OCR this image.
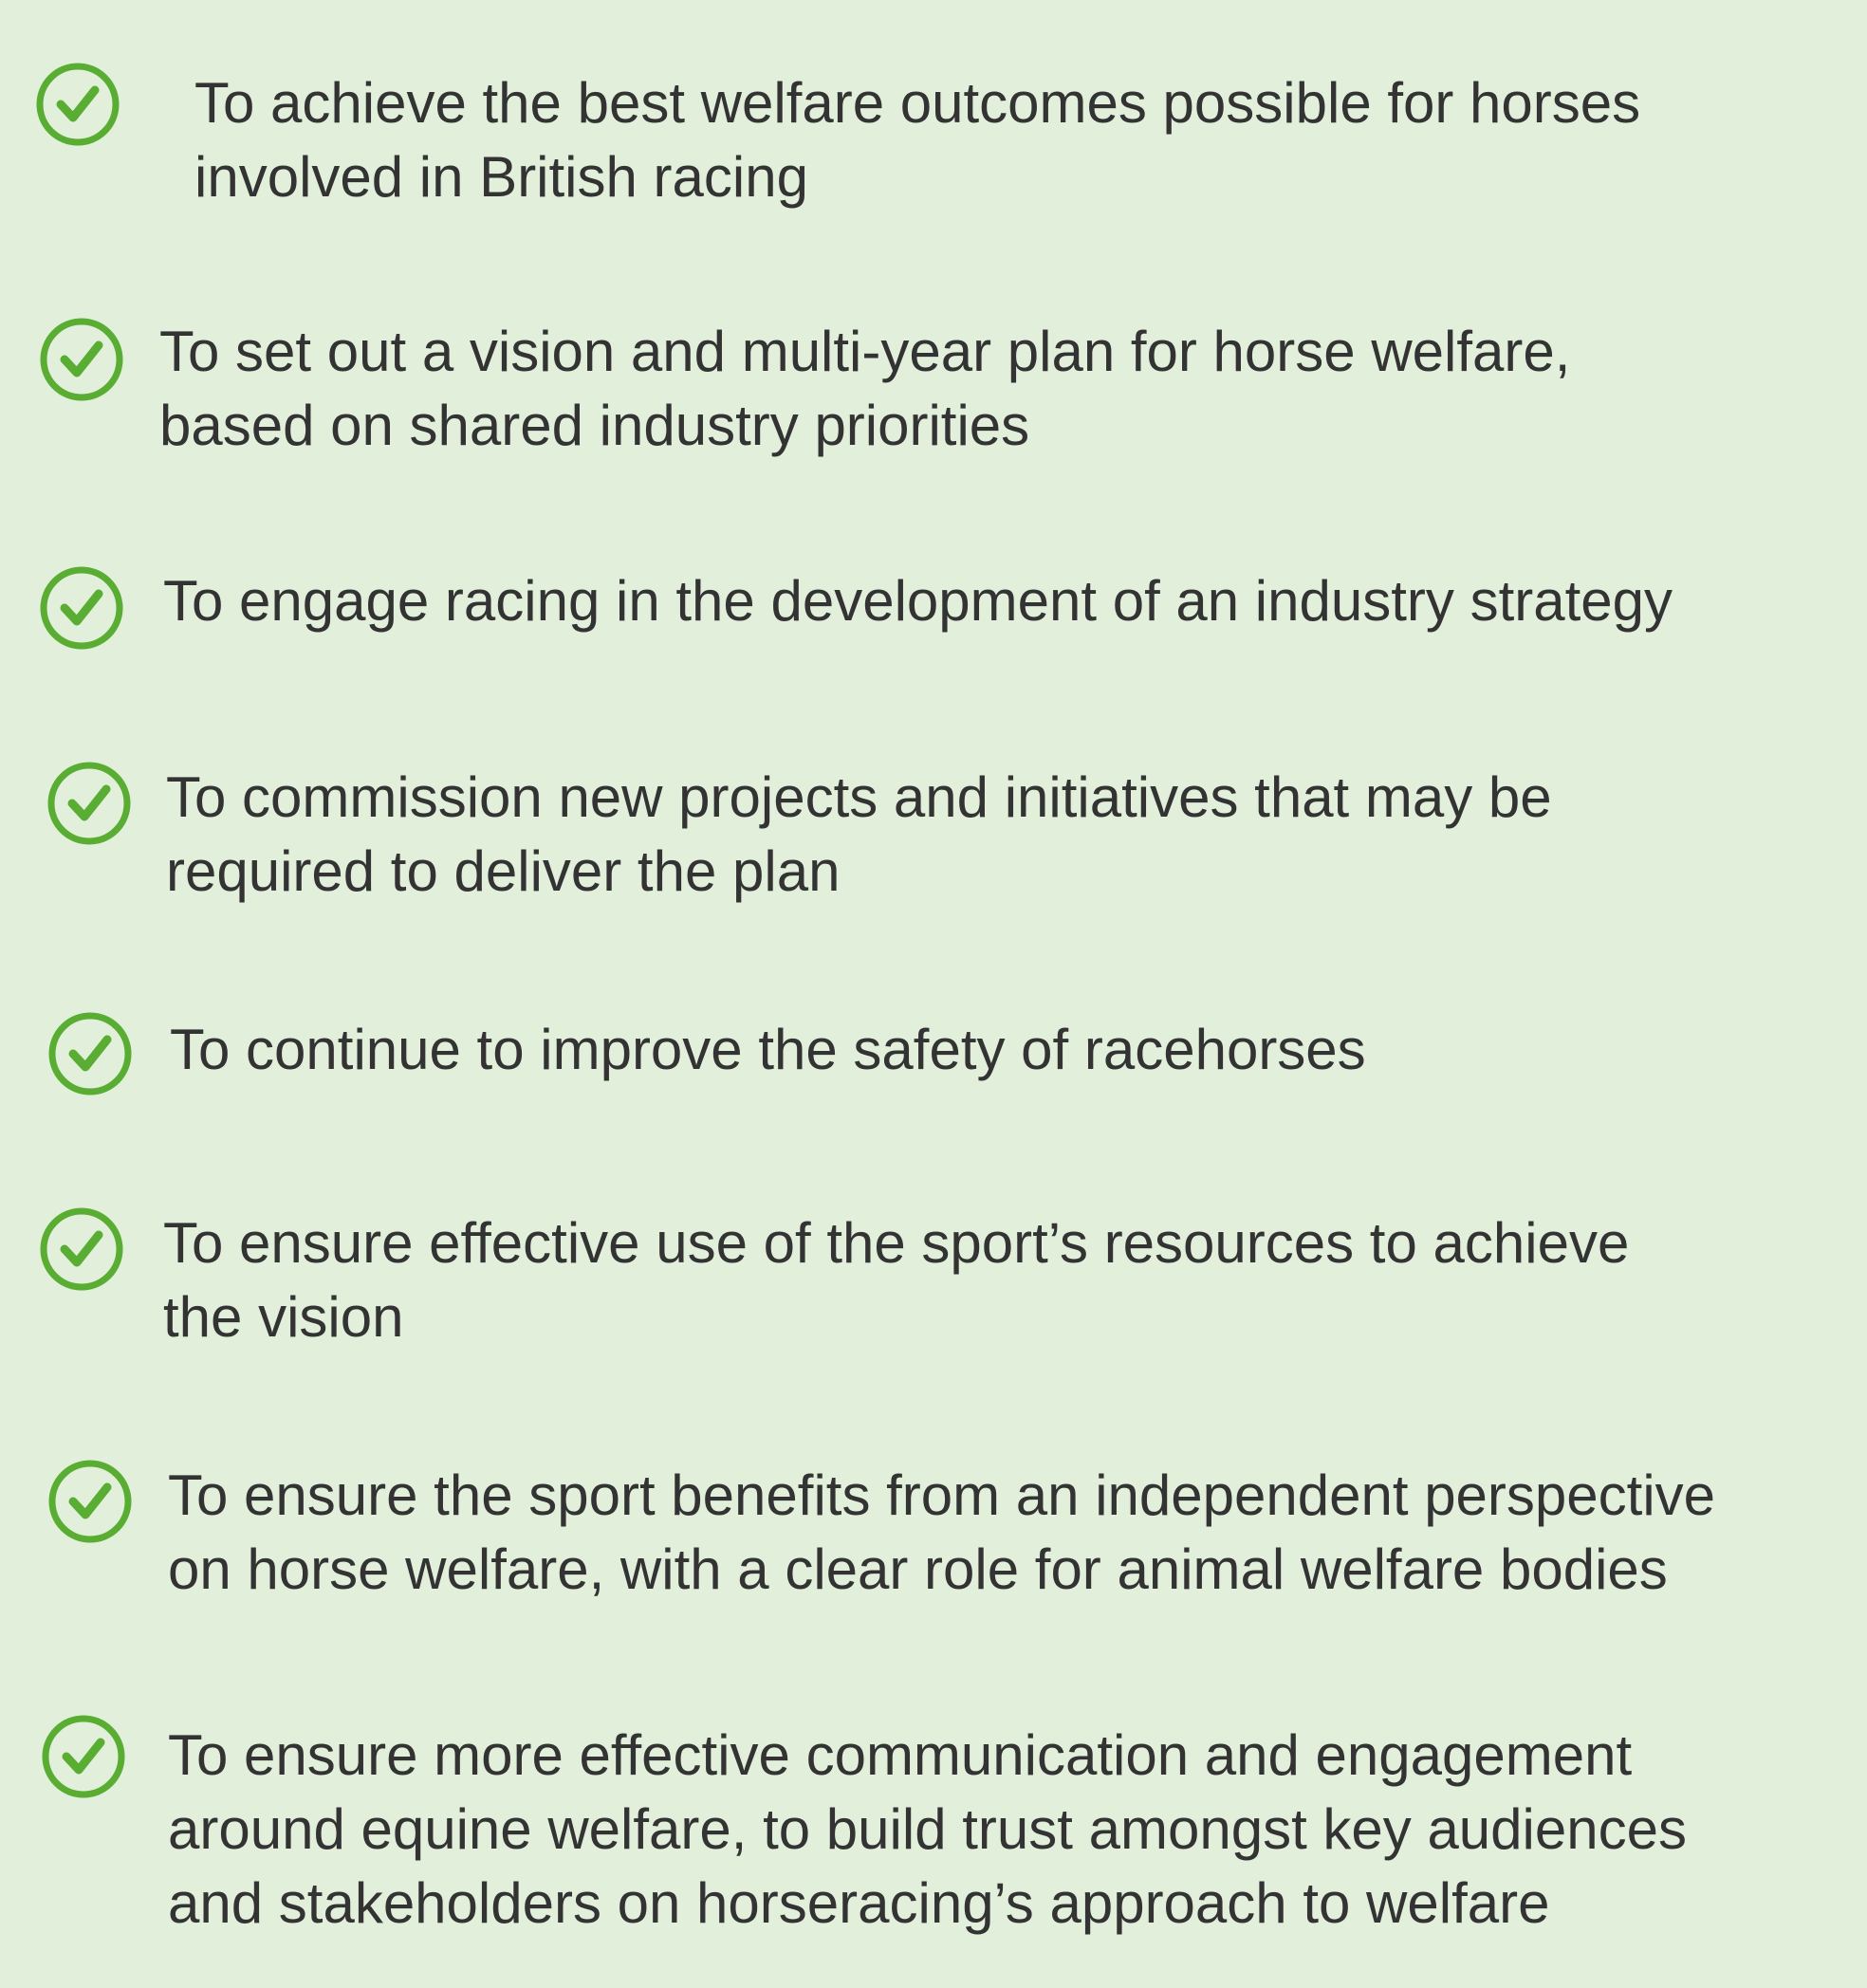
To achieve the best welfare outcomes possible for horses
involved in British racing

To set out a vision and multi-year plan for horse welfare,
based on shared industry priorities

To engage racing in the development of an industry strategy

To commission new projects and initiatives that may be
required to deliver the plan

To continue to improve the safety of racehorses

To ensure effective use of the sport’s resources to achieve
the vision

To ensure the sport benefits from an independent perspective
on horse welfare, with a clear role for animal welfare bodies

To ensure more effective communication and engagement
around equine welfare, to build trust amongst key audiences
and stakeholders on horseracing’s approach to welfare
